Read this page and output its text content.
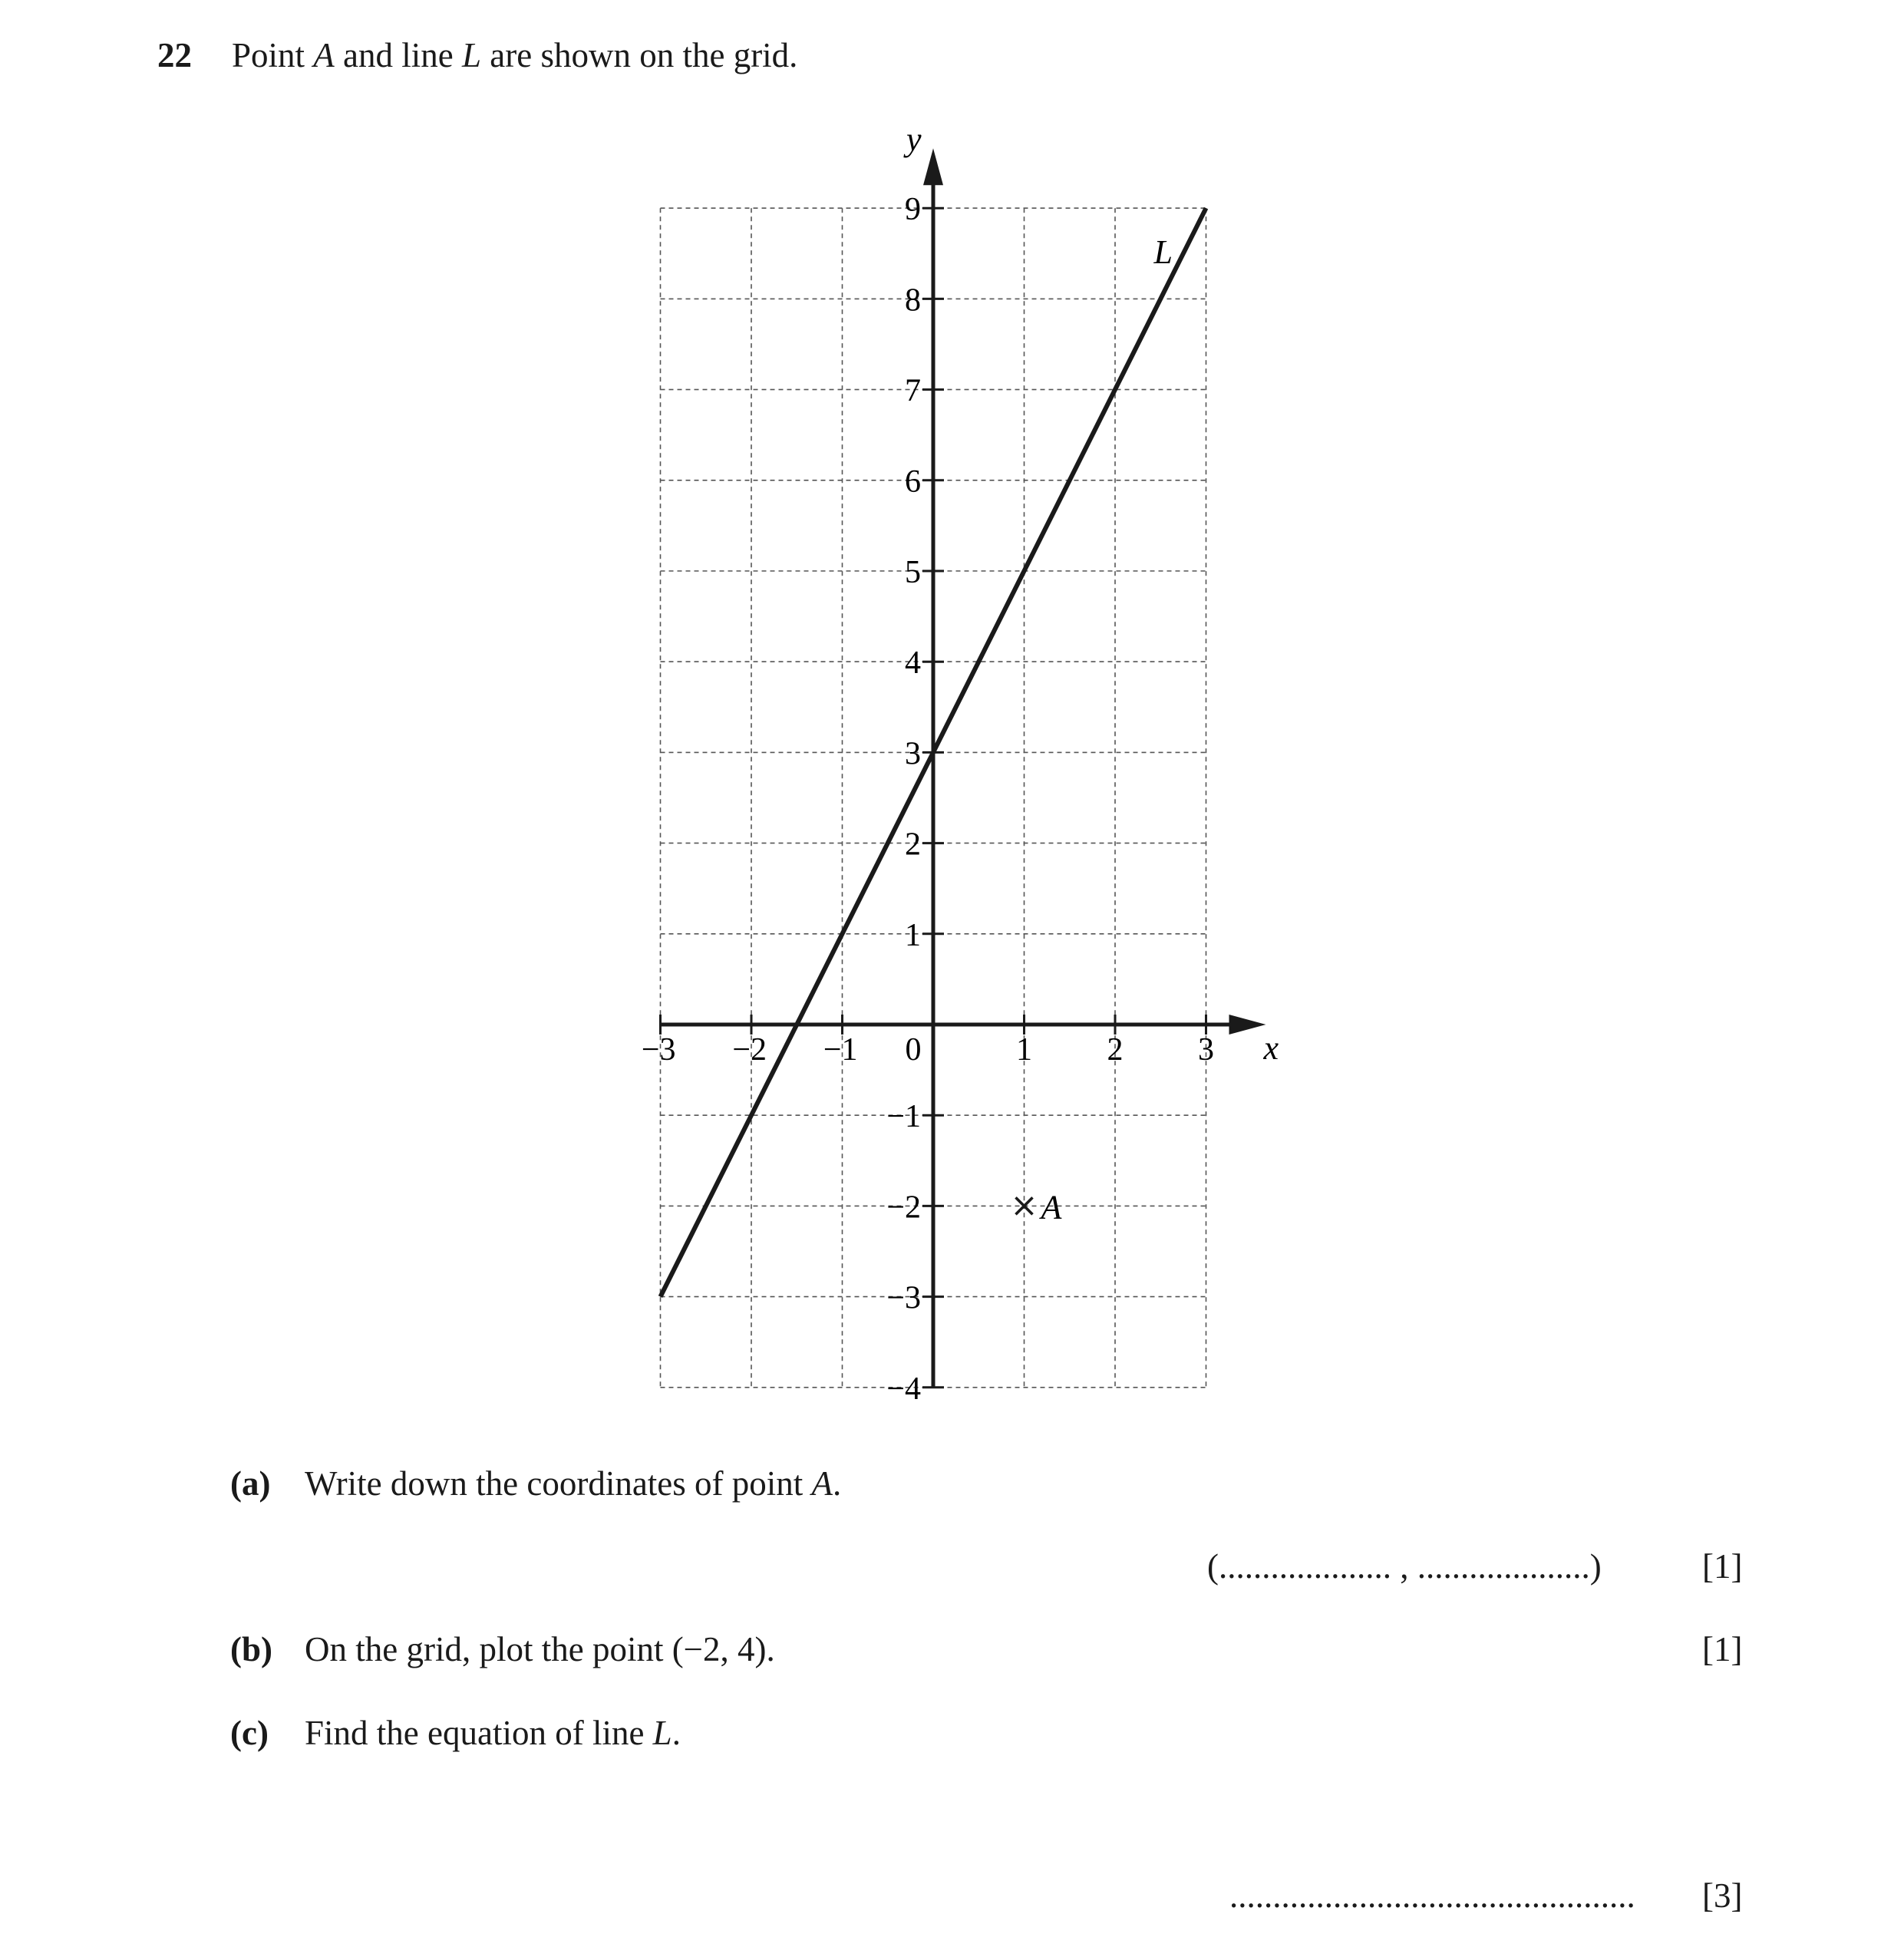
22 Point A and line L are shown on the grid.
x
y
−3 −2 −1 0	1 2 3
−4
−3
−2
−1
1
2
3
4
5
6
7
8
9
L
A
(a) Write down the coordinates of point A.
(.................... , ....................)	[1]
(b) On the grid, plot the point (−2, 4).	[1]
(c) Find the equation of line L.
............................................... [3]
